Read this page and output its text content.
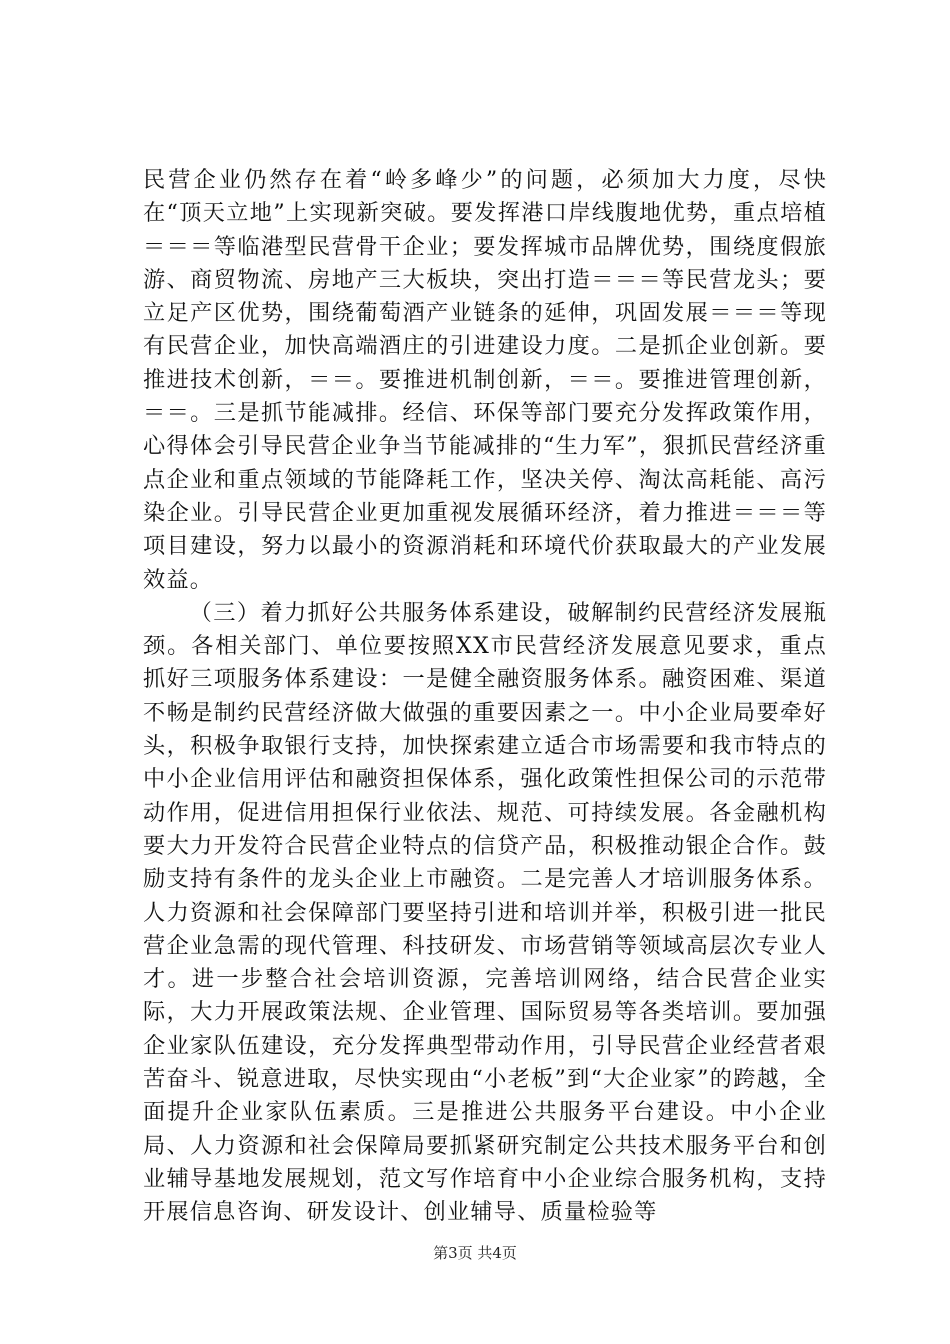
民营企业仍然存在着“岭多峰少”的问题，必须加大力度，尽快在“顶天立地”上实现新突破。要发挥港口岸线腹地优势，重点培植＝＝＝等临港型民营骨干企业；要发挥城市品牌优势，围绕度假旅游、商贸物流、房地产三大板块，突出打造＝＝＝等民营龙头；要立足产区优势，围绕葡萄酒产业链条的延伸，巩固发展＝＝＝等现有民营企业，加快高端酒庄的引进建设力度。二是抓企业创新。要推进技术创新，＝＝。要推进机制创新，＝＝。要推进管理创新，＝＝。三是抓节能减排。经信、环保等部门要充分发挥政策作用，心得体会引导民营企业争当节能减排的“生力军”，狠抓民营经济重点企业和重点领域的节能降耗工作，坚决关停、淘汰高耗能、高污染企业。引导民营企业更加重视发展循环经济，着力推进＝＝＝等项目建设，努力以最小的资源消耗和环境代价获取最大的产业发展效益。

（三）着力抓好公共服务体系建设，破解制约民营经济发展瓶颈。各相关部门、单位要按照XX市民营经济发展意见要求，重点抓好三项服务体系建设：一是健全融资服务体系。融资困难、渠道不畅是制约民营经济做大做强的重要因素之一。中小企业局要牵好头，积极争取银行支持，加快探索建立适合市场需要和我市特点的中小企业信用评估和融资担保体系，强化政策性担保公司的示范带动作用，促进信用担保行业依法、规范、可持续发展。各金融机构要大力开发符合民营企业特点的信贷产品，积极推动银企合作。鼓励支持有条件的龙头企业上市融资。二是完善人才培训服务体系。人力资源和社会保障部门要坚持引进和培训并举，积极引进一批民营企业急需的现代管理、科技研发、市场营销等领域高层次专业人才。进一步整合社会培训资源，完善培训网络，结合民营企业实际，大力开展政策法规、企业管理、国际贸易等各类培训。要加强企业家队伍建设，充分发挥典型带动作用，引导民营企业经营者艰苦奋斗、锐意进取，尽快实现由“小老板”到“大企业家”的跨越，全面提升企业家队伍素质。三是推进公共服务平台建设。中小企业局、人力资源和社会保障局要抓紧研究制定公共技术服务平台和创业辅导基地发展规划，范文写作培育中小企业综合服务机构，支持开展信息咨询、研发设计、创业辅导、质量检验等

第3页 共4页
